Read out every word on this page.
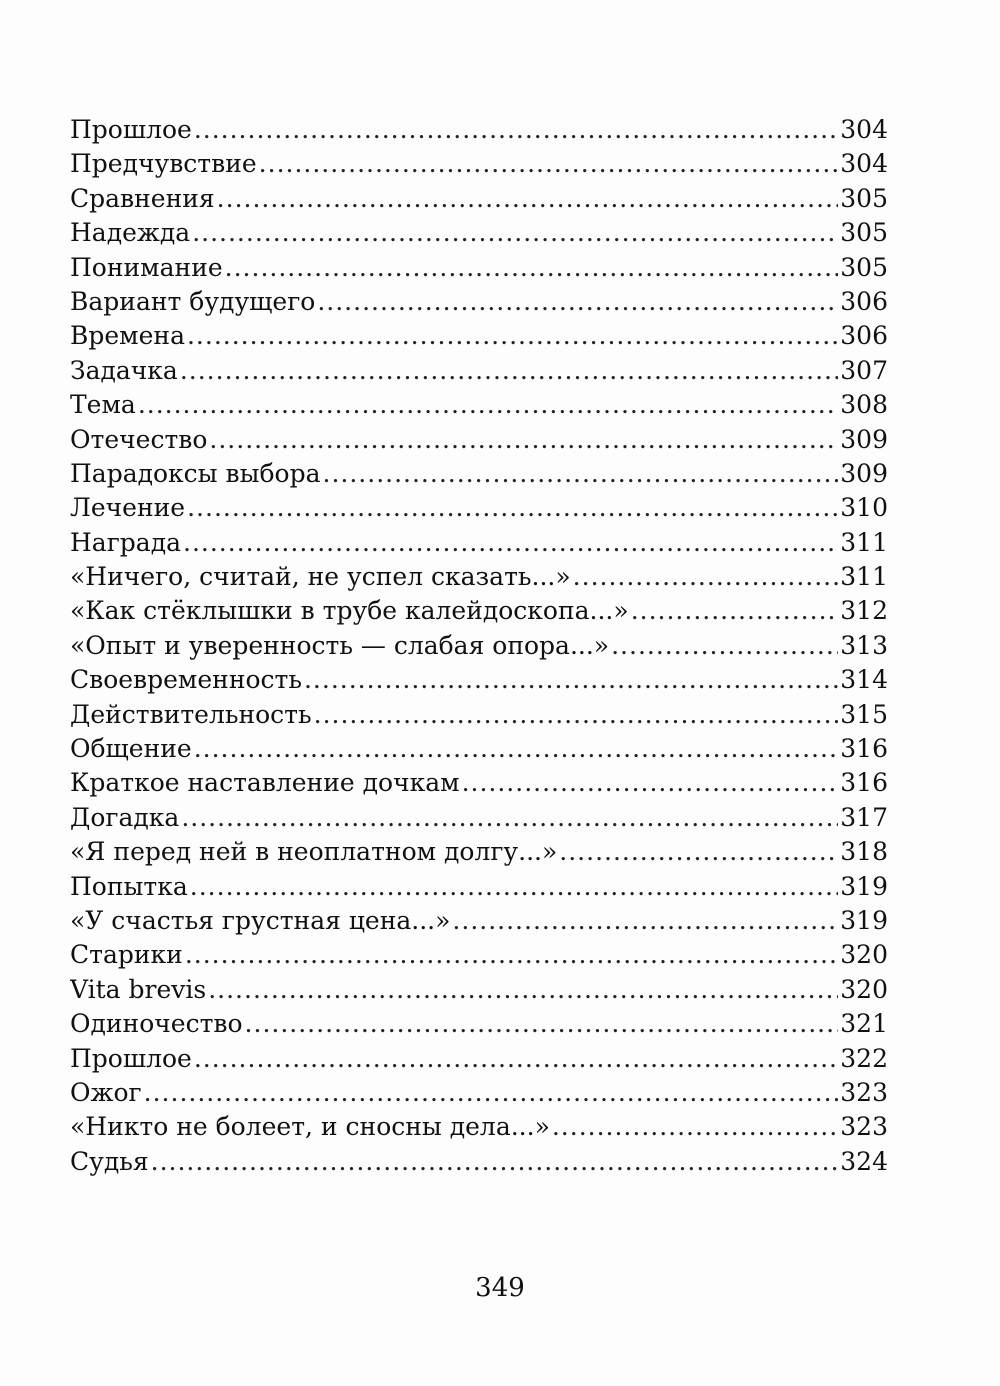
Прошлое .....	304
Предчувствие .....	304
Сравнения .....	305
Надежда .....	305
Понимание .....	305
Вариант будущего .....	306
Времена .....	306
Задачка .....	307
Тема .....	308
Отечество .....	309
Парадоксы выбора .....	309
Лечение .....	310
Награда .....	311
«Ничего, считай, не успел сказать...» .....	311
«Как стёклышки в трубе калейдоскопа...» .....	312
«Опыт и уверенность — слабая опора...» .....	313
Своевременность .....	314
Действительность .....	315
Общение .....	316
Краткое наставление дочкам .....	316
Догадка .....	317
«Я перед ней в неоплатном долгу...» .....	318
Попытка .....	319
«У счастья грустная цена...» .....	319
Старики .....	320
Vita brevis .....	320
Одиночество .....	321
Прошлое .....	322
Ожог .....	323
«Никто не болеет, и сносны дела...» .....	323
Судья .....	324
349
